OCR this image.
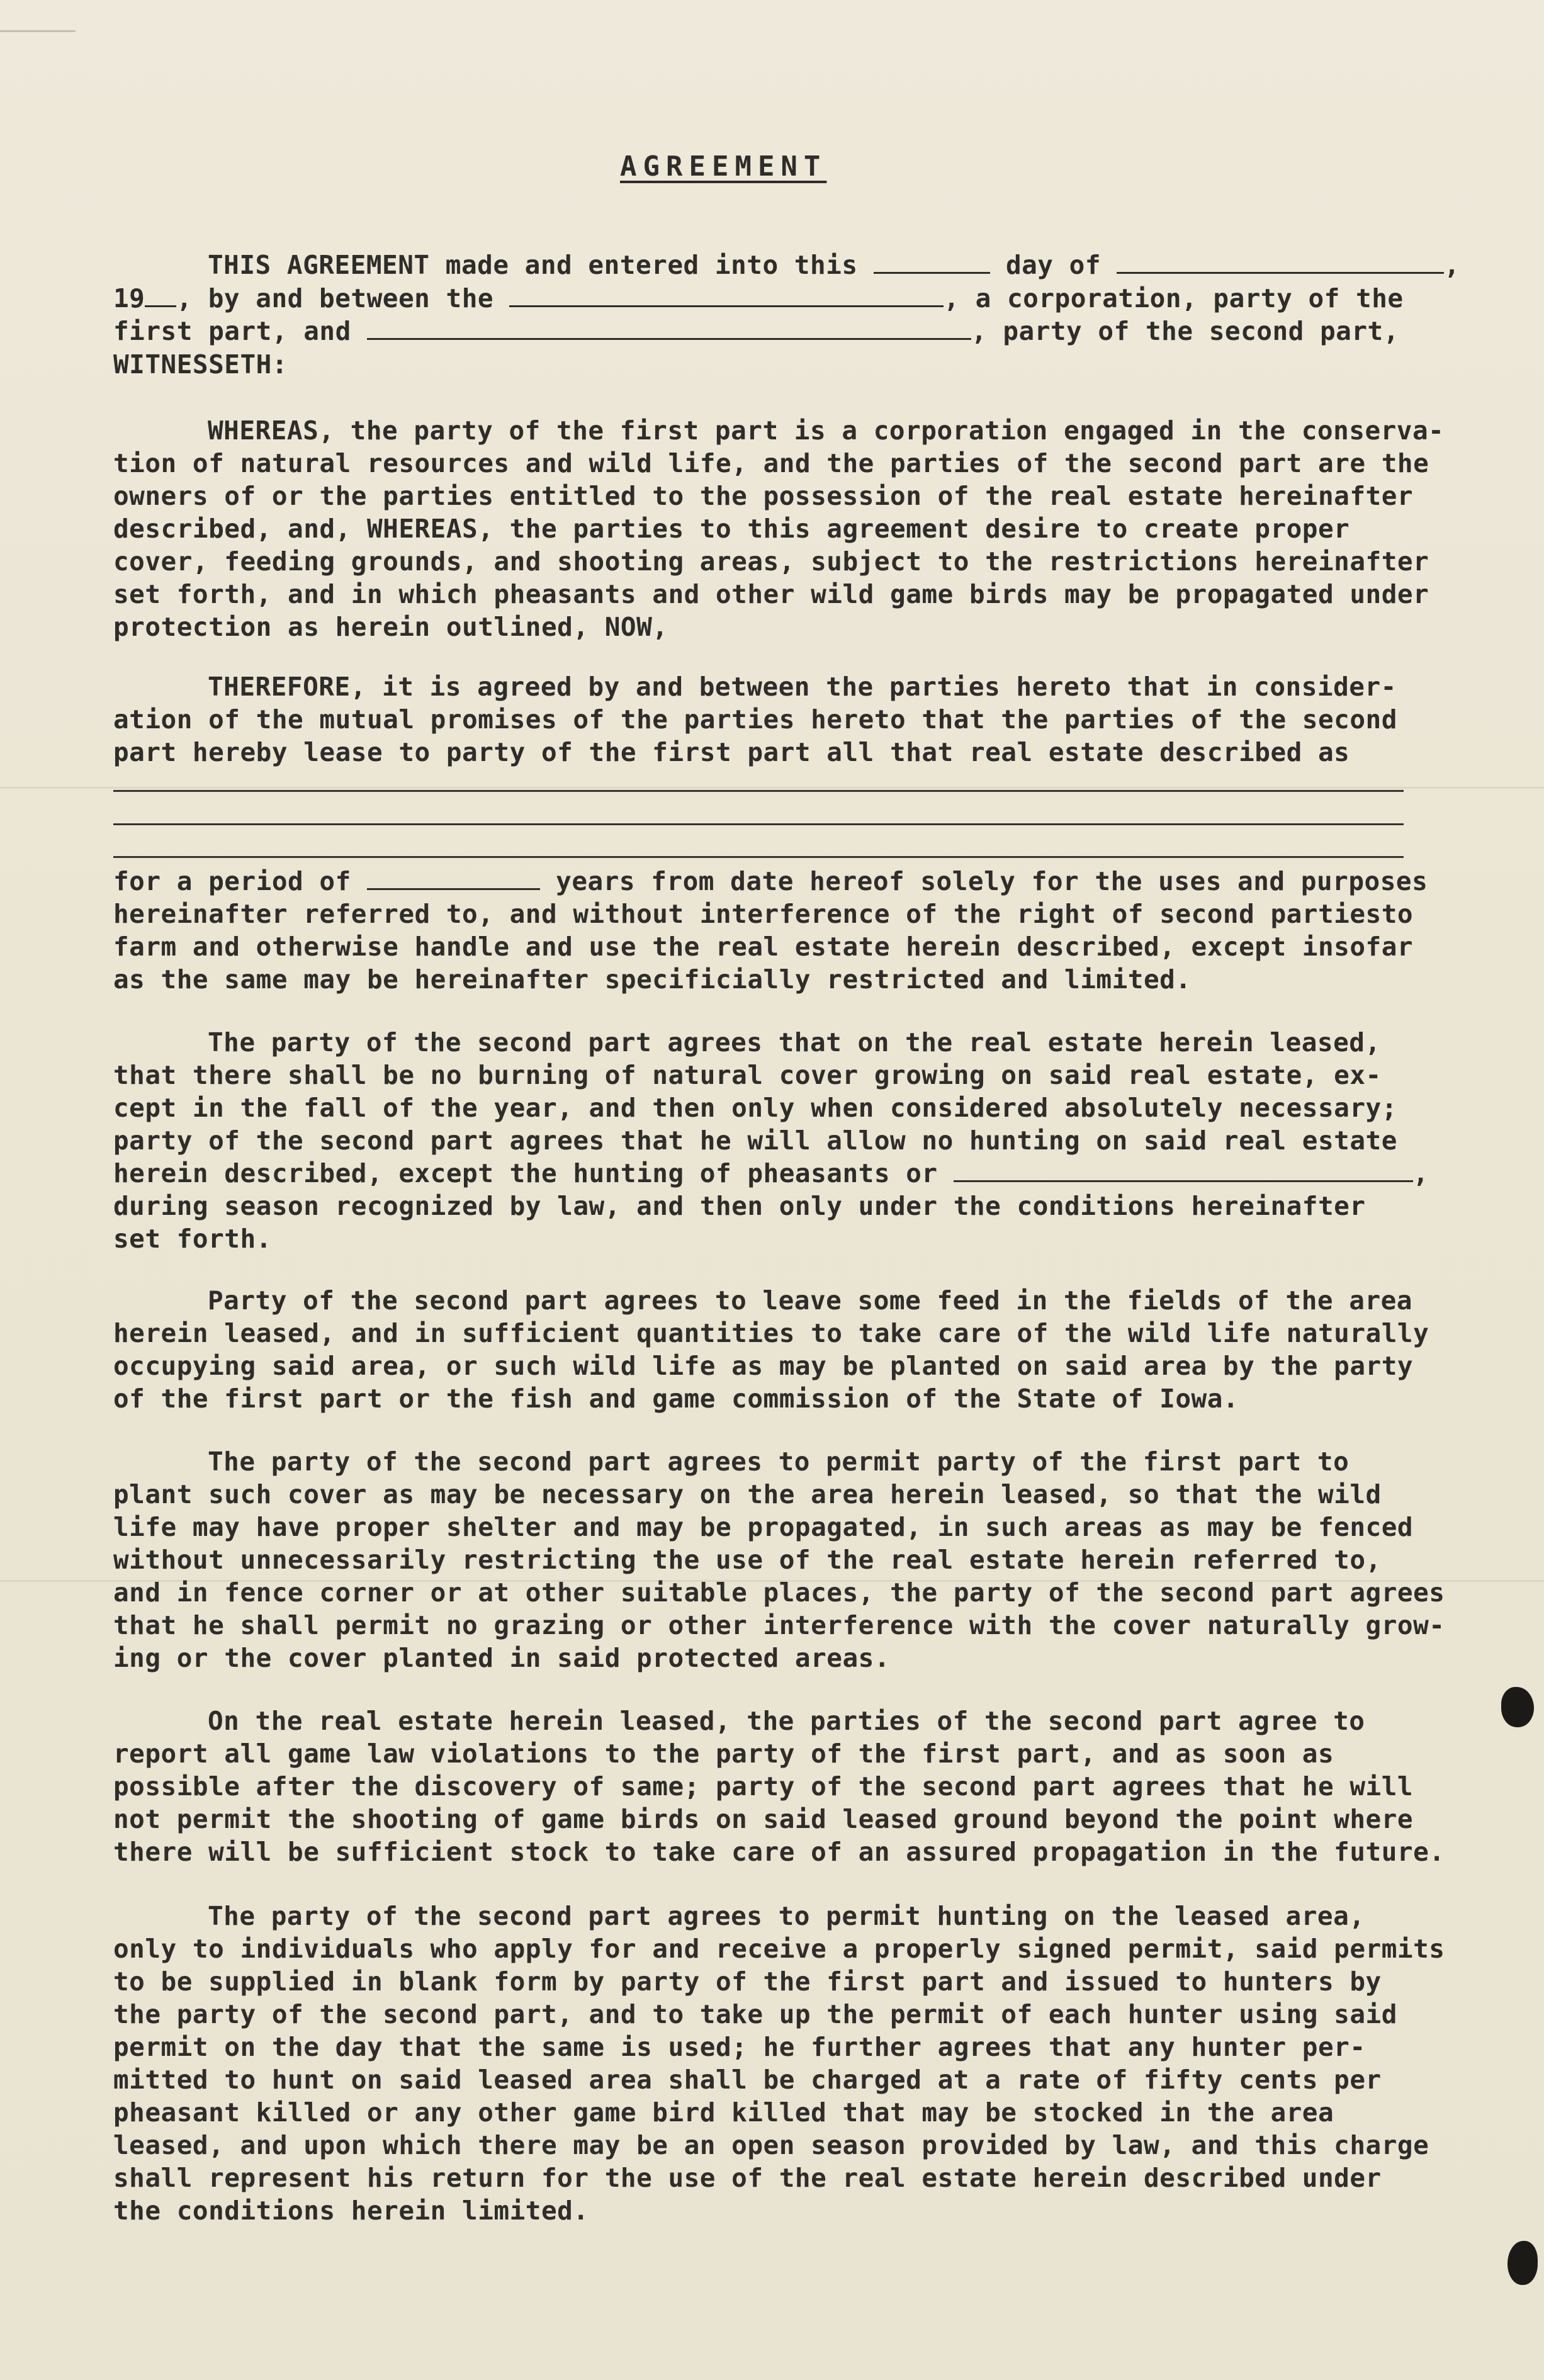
AGREEMENT
THIS AGREEMENT made and entered into this	day of	,
19 , by and between the	, a corporation, party of the
first part, and	, party of the second part,
WITNESSETH:
WHEREAS, the party of the first part is a corporation engaged in the conserva-
tion of natural resources and wild life, and the parties of the second part are the
owners of or the parties entitled to the possession of the real estate hereinafter
described, and, WHEREAS, the parties to this agreement desire to create proper
cover, feeding grounds, and shooting areas, subject to the restrictions hereinafter
set forth, and in which pheasants and other wild game birds may be propagated under
protection as herein outlined, NOW,
THEREFORE, it is agreed by and between the parties hereto that in consider-
ation of the mutual promises of the parties hereto that the parties of the second
part hereby lease to party of the first part all that real estate described as
for a period of	years from date hereof solely for the uses and purposes
hereinafter referred to, and without interference of the right of second partiesto
farm and otherwise handle and use the real estate herein described, except insofar
as the same may be hereinafter specificially restricted and limited.
The party of the second part agrees that on the real estate herein leased,
that there shall be no burning of natural cover growing on said real estate, ex-
cept in the fall of the year, and then only when considered absolutely necessary;
party of the second part agrees that he will allow no hunting on said real estate
herein described, except the hunting of pheasants or	,
during season recognized by law, and then only under the conditions hereinafter
set forth.
Party of the second part agrees to leave some feed in the fields of the area
herein leased, and in sufficient quantities to take care of the wild life naturally
occupying said area, or such wild life as may be planted on said area by the party
of the first part or the fish and game commission of the State of Iowa.
The party of the second part agrees to permit party of the first part to
plant such cover as may be necessary on the area herein leased, so that the wild
life may have proper shelter and may be propagated, in such areas as may be fenced
without unnecessarily restricting the use of the real estate herein referred to,
and in fence corner or at other suitable places, the party of the second part agrees
that he shall permit no grazing or other interference with the cover naturally grow-
ing or the cover planted in said protected areas.
On the real estate herein leased, the parties of the second part agree to
report all game law violations to the party of the first part, and as soon as
possible after the discovery of same; party of the second part agrees that he will
not permit the shooting of game birds on said leased ground beyond the point where
there will be sufficient stock to take care of an assured propagation in the future.
The party of the second part agrees to permit hunting on the leased area,
only to individuals who apply for and receive a properly signed permit, said permits
to be supplied in blank form by party of the first part and issued to hunters by
the party of the second part, and to take up the permit of each hunter using said
permit on the day that the same is used; he further agrees that any hunter per-
mitted to hunt on said leased area shall be charged at a rate of fifty cents per
pheasant killed or any other game bird killed that may be stocked in the area
leased, and upon which there may be an open season provided by law, and this charge
shall represent his return for the use of the real estate herein described under
the conditions herein limited.
